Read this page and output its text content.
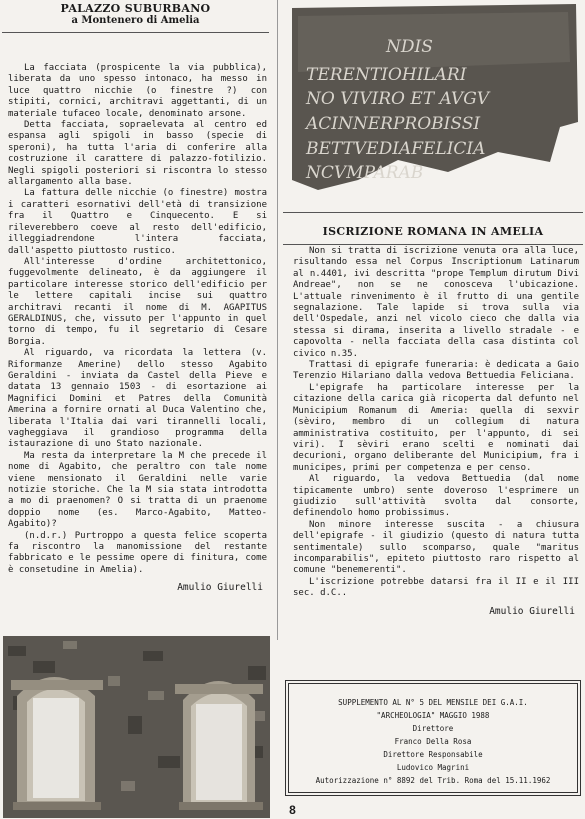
PALAZZO SUBURBANO
a Montenero di Amelia

La facciata (prospicente la via pubblica), liberata da uno spesso intonaco, ha messo in luce quattro nicchie (o finestre ?) con stipiti, cornici, architravi aggettanti, di un materiale tufaceo locale, denominato arsone.

Detta facciata, sopraelevata al centro ed espansa agli spigoli in basso (specie di speroni), ha tutta l'aria di conferire alla costruzione il carattere di palazzo-fotilizio. Negli spigoli posteriori si riscontra lo stesso allargamento alla base.

La fattura delle nicchie (o finestre) mostra i caratteri esornativi dell'età di transizione fra il Quattro e Cinquecento. E si rileverebbero coeve al resto dell'edificio, illeggiadrendone l'intera facciata, dall'aspetto piuttosto rustico.

All'interesse d'ordine architettonico, fuggevolmente delineato, è da aggiungere il particolare interesse storico dell'edificio per le lettere capitali incise sui quattro architravi recanti il nome di M. AGAPITUS GERALDINUS, che, vissuto per l'appunto in quel torno di tempo, fu il segretario di Cesare Borgia.

Al riguardo, va ricordata la lettera (v. Riformanze Amerine) dello stesso Agabito Geraldini - inviata da Castel della Pieve e datata 13 gennaio 1503 - di esortazione ai Magnifici Domini et Patres della Comunità Amerina a fornire ornati al Duca Valentino che, liberata l'Italia dai vari tirannelli locali, vagheggiava il grandioso programma della istaurazione di uno Stato nazionale.

Ma resta da interpretare la M che precede il nome di Agabito, che peraltro con tale nome viene mensionato il Geraldini nelle varie notizie storiche. Che la M sia stata introdotta a mo di praenomen? O si tratta di un praenome doppio nome (es. Marco-Agabito, Matteo-Agabito)?

(n.d.r.) Purtroppo a questa felice scoperta fa riscontro la manomissione del restante fabbricato e le pessime opere di finitura, come è consetudine in Amelia).

Amulio Giurelli
NDIS
TERENTIOHILARI
NO VIVIRO ET AVGV
ACINNERPROBISSI
BETTVEDIAFELICIA
NCVMPARAB
ISCRIZIONE ROMANA IN AMELIA

Non si tratta di iscrizione venuta ora alla luce, risultando essa nel Corpus Inscriptionum Latinarum al n.4401, ivi descritta "prope Templum dirutum Divi Andreae", non se ne conosceva l'ubicazione. L'attuale rinvenimento è il frutto di una gentile segnalazione. Tale lapide si trova sulla via dell'Ospedale, anzi nel vicolo cieco che dalla via stessa si dirama, inserita a livello stradale - e capovolta - nella facciata della casa distinta col civico n.35.

Trattasi di epigrafe funeraria: è dedicata a Gaio Terenzio Hilariano dalla vedova Bettuedia Feliciana.

L'epigrafe ha particolare interesse per la citazione della carica già ricoperta dal defunto nel Municipium Romanum di Ameria: quella di sexvir (sèviro, membro di un collegium di natura amministrativa costituito, per l'appunto, di sei viri). I sèviri erano scelti e nominati dai decurioni, organo deliberante del Municipium, fra i municipes, primi per competenza e per censo.

Al riguardo, la vedova Bettuedia (dal nome tipicamente umbro) sente doveroso l'esprimere un giudizio sull'attività svolta dal consorte, definendolo homo probissimus.

Non minore interesse suscita - a chiusura dell'epigrafe - il giudizio (questo di natura tutta sentimentale) sullo scomparso, quale "maritus incomparabilis", epiteto piuttosto raro rispetto al comune "benemerenti".

L'iscrizione potrebbe datarsi fra il II e il III sec. d.C..

Amulio Giurelli
SUPPLEMENTO AL N° 5 DEL MENSILE DEI G.A.I.
"ARCHEOLOGIA" MAGGIO 1988
Direttore
Franco Della Rosa
Direttore Responsabile
Ludovico Magrini
Autorizzazione n° 8892 del Trib. Roma del 15.11.1962
8
